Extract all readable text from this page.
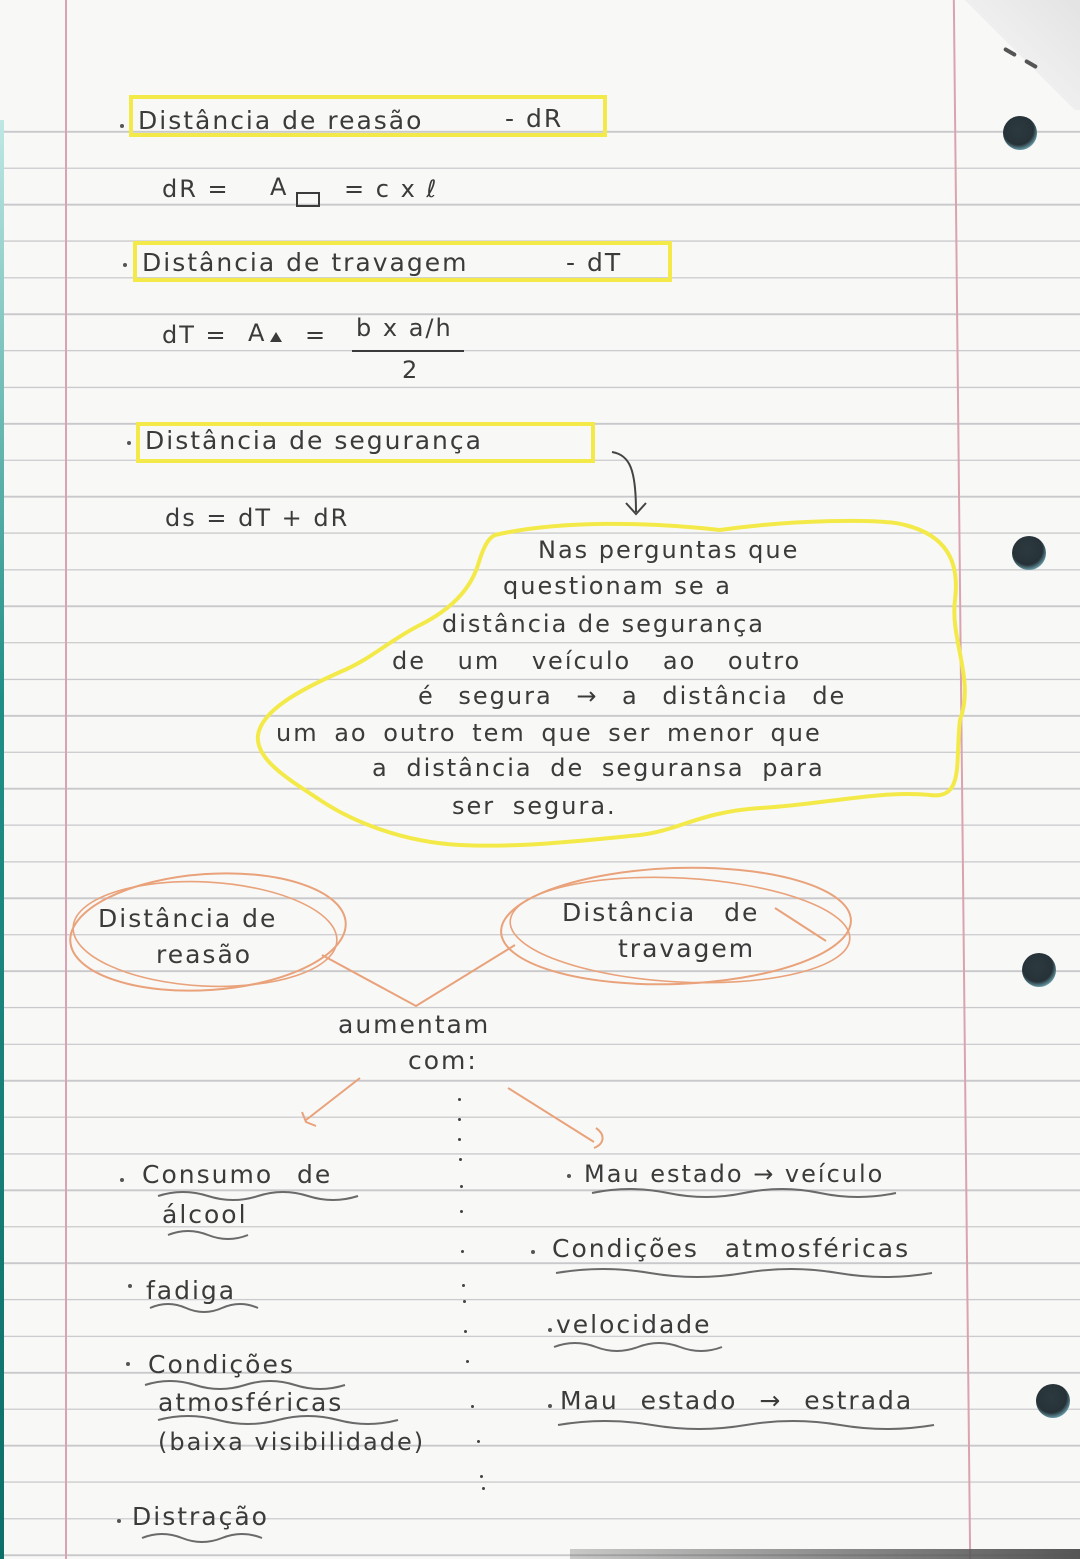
Distância de reasão	- dR
dR = A = c x ℓ
Distância de travagem	- dT
dT = A = b x a/h
2
Distância de segurança
ds = dT + dR
Nas perguntas que
questionam se a
distância de segurança
de um veículo ao outro
é segura → a distância de
um ao outro tem que ser menor que
a distância de seguransa para
ser segura.
Distância de
reasão
Distância de
travagem
aumentam
com:
Consumo de
álcool
fadiga
Condições
atmosféricas
(baixa visibilidade)
Distração
Mau estado → veículo
Condições atmosféricas
velocidade
Mau estado → estrada
